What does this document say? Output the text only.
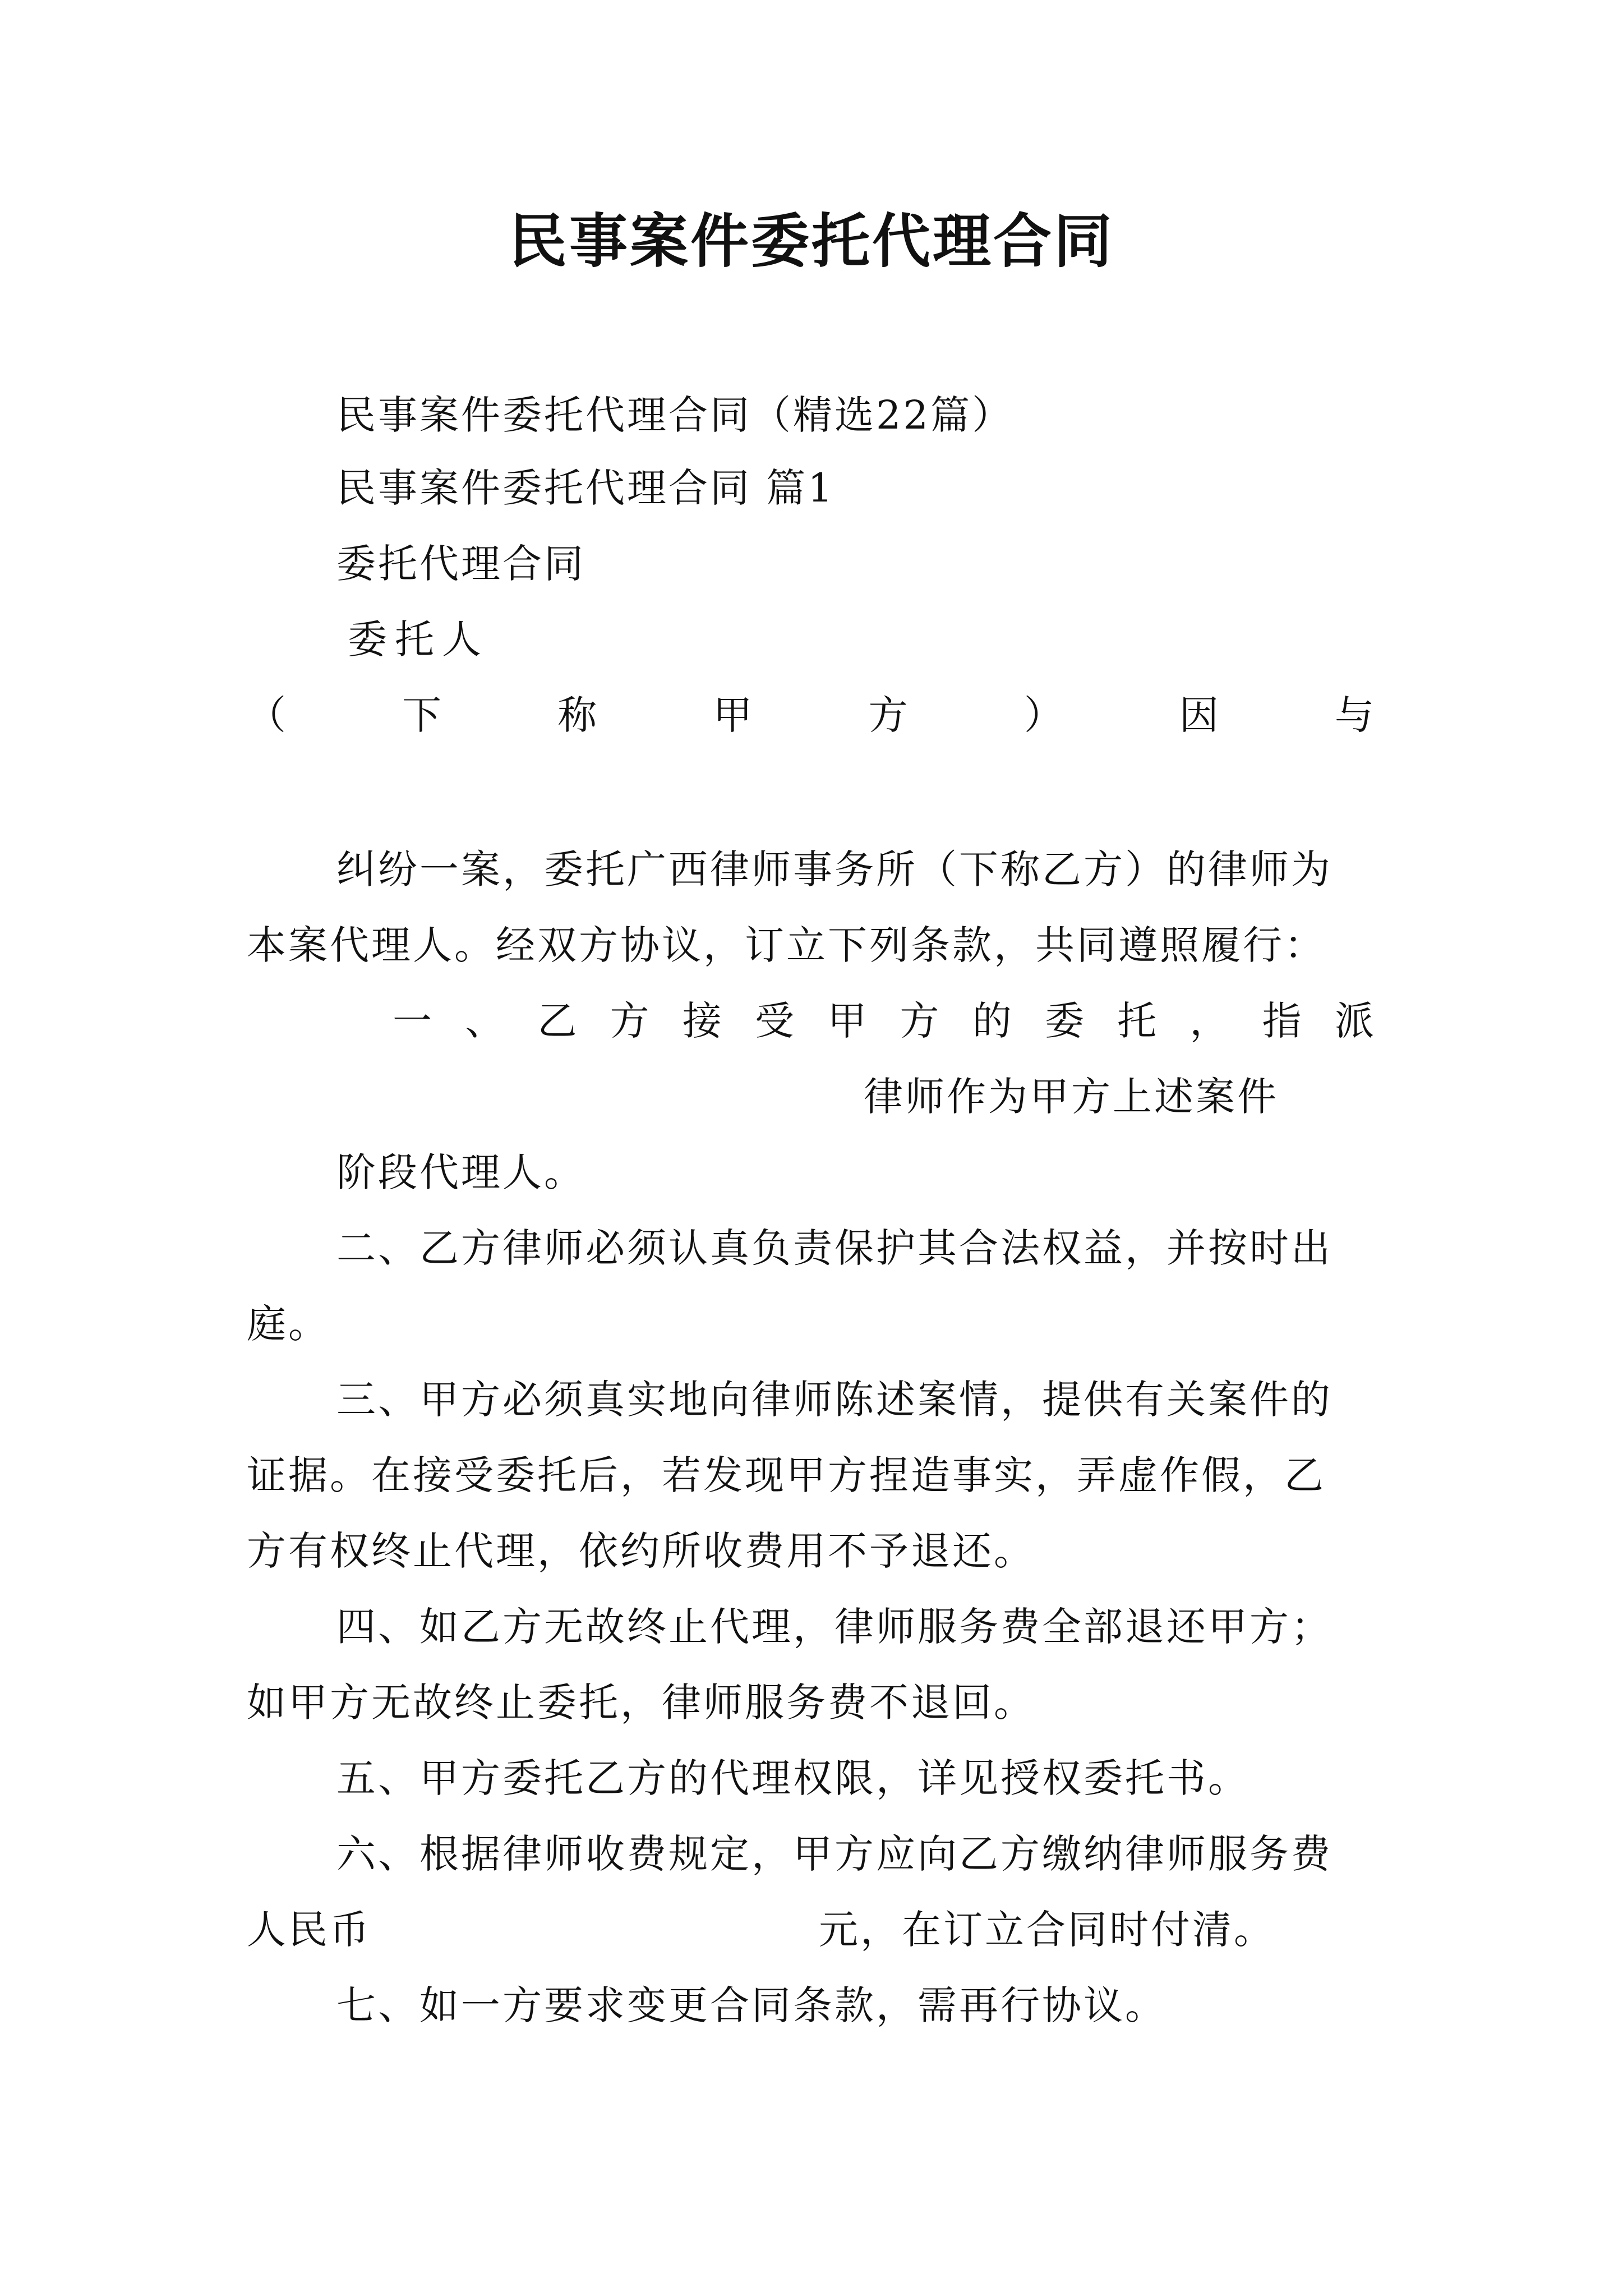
民事案件委托代理合同
民事案件委托代理合同（精选22篇）
民事案件委托代理合同 篇1
委托代理合同
委托人
（	下	称	甲	方	）	因	与
纠纷一案，委托广西律师事务所（下称乙方）的律师为
本案代理人。经双方协议，订立下列条款，共同遵照履行：
一 、 乙 方 接 受 甲 方 的 委 托 ， 指 派
律师作为甲方上述案件
阶段代理人。
二、乙方律师必须认真负责保护其合法权益，并按时出
庭。
三、甲方必须真实地向律师陈述案情，提供有关案件的
证据。在接受委托后，若发现甲方捏造事实，弄虚作假，乙
方有权终止代理，依约所收费用不予退还。
四、如乙方无故终止代理，律师服务费全部退还甲方；
如甲方无故终止委托，律师服务费不退回。
五、甲方委托乙方的代理权限，详见授权委托书。
六、根据律师收费规定，甲方应向乙方缴纳律师服务费
人民币	元，在订立合同时付清。
七、如一方要求变更合同条款，需再行协议。
